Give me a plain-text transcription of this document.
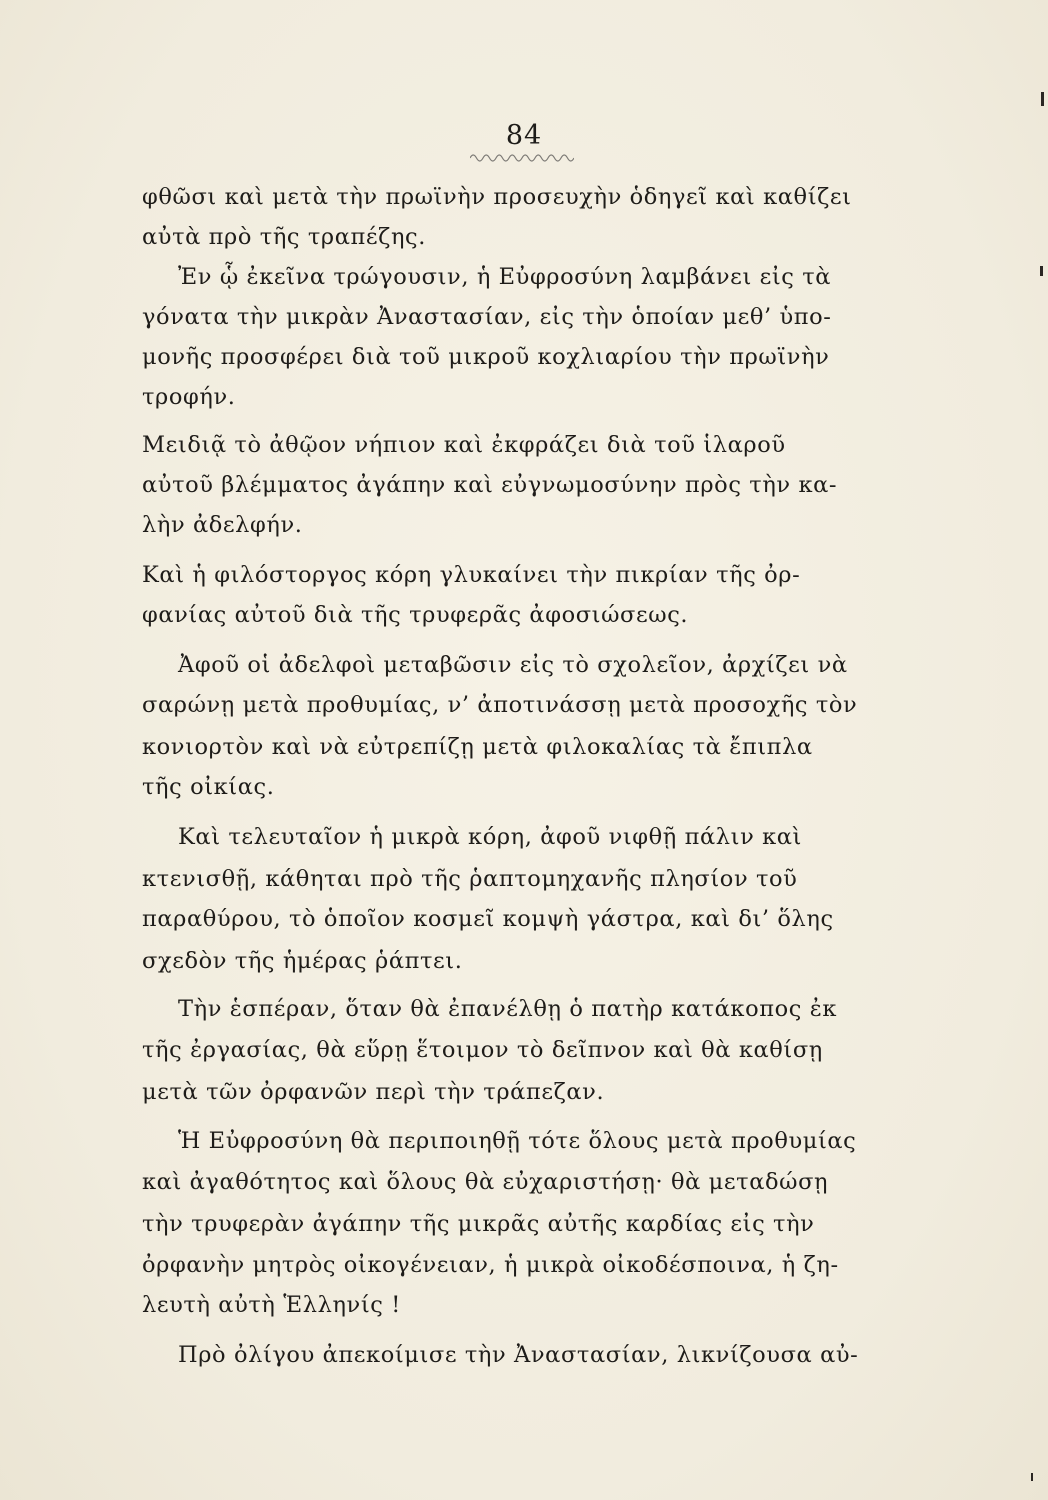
84
φθῶσι καὶ μετὰ τὴν πρωϊνὴν προσευχὴν ὁδηγεῖ καὶ καθίζει
αὐτὰ πρὸ τῆς τραπέζης.
Ἐν ᾧ ἐκεῖνα τρώγουσιν, ἡ Εὐφροσύνη λαμβάνει εἰς τὰ
γόνατα τὴν μικρὰν Ἀναστασίαν, εἰς τὴν ὁποίαν μεθ’ ὑπο-
μονῆς προσφέρει διὰ τοῦ μικροῦ κοχλιαρίου τὴν πρωϊνὴν
τροφήν.
Μειδιᾷ τὸ ἀθῷον νήπιον καὶ ἐκφράζει διὰ τοῦ ἱλαροῦ
αὐτοῦ βλέμματος ἀγάπην καὶ εὐγνωμοσύνην πρὸς τὴν κα-
λὴν ἀδελφήν.
Καὶ ἡ φιλόστοργος κόρη γλυκαίνει τὴν πικρίαν τῆς ὀρ-
φανίας αὐτοῦ διὰ τῆς τρυφερᾶς ἀφοσιώσεως.
Ἀφοῦ οἱ ἀδελφοὶ μεταβῶσιν εἰς τὸ σχολεῖον, ἀρχίζει νὰ
σαρώνῃ μετὰ προθυμίας, ν’ ἀποτινάσσῃ μετὰ προσοχῆς τὸν
κονιορτὸν καὶ νὰ εὐτρεπίζῃ μετὰ φιλοκαλίας τὰ ἔπιπλα
τῆς οἰκίας.
Καὶ τελευταῖον ἡ μικρὰ κόρη, ἀφοῦ νιφθῇ πάλιν καὶ
κτενισθῇ, κάθηται πρὸ τῆς ῥαπτομηχανῆς πλησίον τοῦ
παραθύρου, τὸ ὁποῖον κοσμεῖ κομψὴ γάστρα, καὶ δι’ ὅλης
σχεδὸν τῆς ἡμέρας ῥάπτει.
Τὴν ἑσπέραν, ὅταν θὰ ἐπανέλθῃ ὁ πατὴρ κατάκοπος ἐκ
τῆς ἐργασίας, θὰ εὕρῃ ἕτοιμον τὸ δεῖπνον καὶ θὰ καθίσῃ
μετὰ τῶν ὀρφανῶν περὶ τὴν τράπεζαν.
Ἡ Εὐφροσύνη θὰ περιποιηθῇ τότε ὅλους μετὰ προθυμίας
καὶ ἀγαθότητος καὶ ὅλους θὰ εὐχαριστήσῃ· θὰ μεταδώσῃ
τὴν τρυφερὰν ἀγάπην τῆς μικρᾶς αὐτῆς καρδίας εἰς τὴν
ὀρφανὴν μητρὸς οἰκογένειαν, ἡ μικρὰ οἰκοδέσποινα, ἡ ζη-
λευτὴ αὐτὴ Ἑλληνίς !
Πρὸ ὀλίγου ἀπεκοίμισε τὴν Ἀναστασίαν, λικνίζουσα αὐ-
